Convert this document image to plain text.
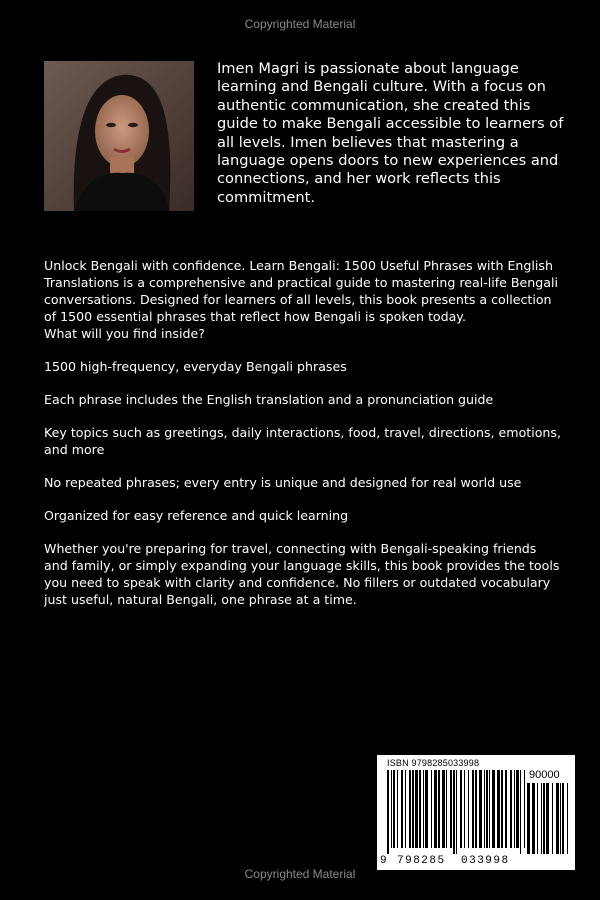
Copyrighted Material

Imen Magri is passionate about language learning and Bengali culture. With a focus on authentic communication, she created this guide to make Bengali accessible to learners of all levels. Imen believes that mastering a language opens doors to new experiences and connections, and her work reflects this commitment.

Unlock Bengali with confidence. Learn Bengali: 1500 Useful Phrases with English Translations is a comprehensive and practical guide to mastering real-life Bengali conversations. Designed for learners of all levels, this book presents a collection of 1500 essential phrases that reflect how Bengali is spoken today.

What will you find inside?

1500 high-frequency, everyday Bengali phrases

Each phrase includes the English translation and a pronunciation guide

Key topics such as greetings, daily interactions, food, travel, directions, emotions, and more

No repeated phrases; every entry is unique and designed for real world use

Organized for easy reference and quick learning

Whether you're preparing for travel, connecting with Bengali-speaking friends and family, or simply expanding your language skills, this book provides the tools you need to speak with clarity and confidence. No fillers or outdated vocabulary just useful, natural Bengali, one phrase at a time.

ISBN 9798285033998
90000
9 798285 033998
Copyrighted Material
